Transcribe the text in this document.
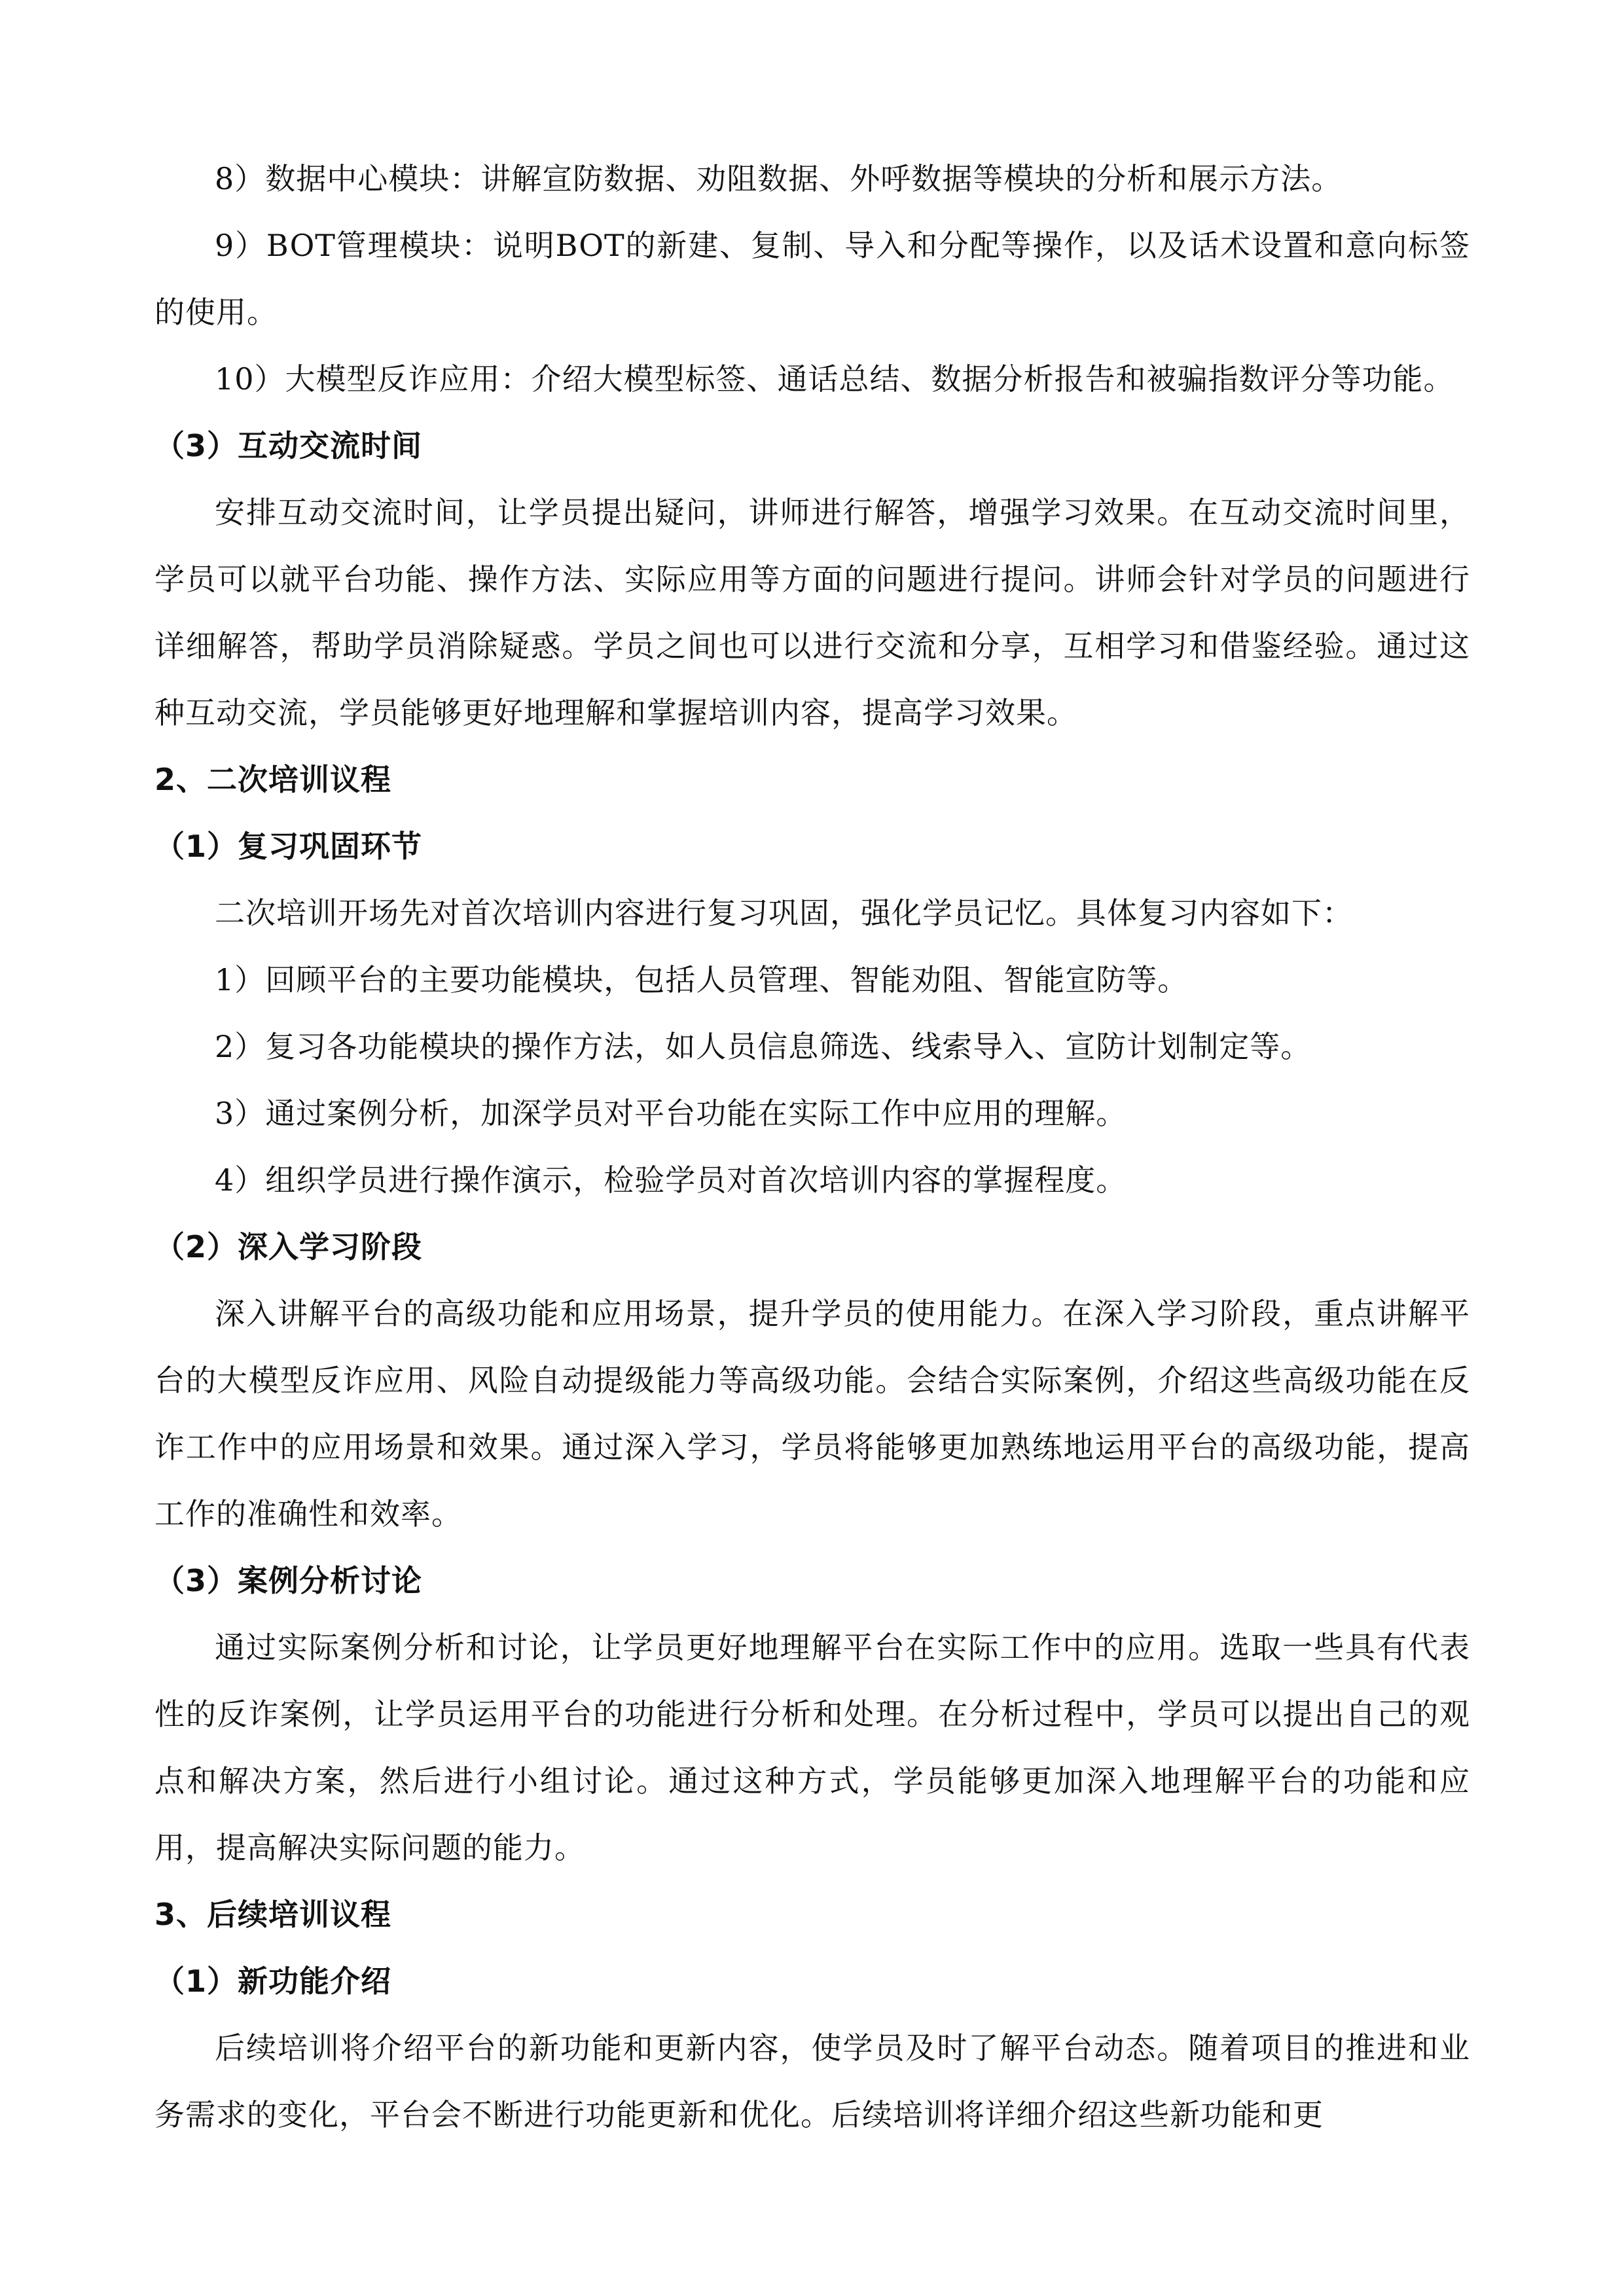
8）数据中心模块：讲解宣防数据、劝阻数据、外呼数据等模块的分析和展示方法。

9）BOT管理模块：说明BOT的新建、复制、导入和分配等操作，以及话术设置和意向标签的使用。

10）大模型反诈应用：介绍大模型标签、通话总结、数据分析报告和被骗指数评分等功能。

（3）互动交流时间

安排互动交流时间，让学员提出疑问，讲师进行解答，增强学习效果。在互动交流时间里，学员可以就平台功能、操作方法、实际应用等方面的问题进行提问。讲师会针对学员的问题进行详细解答，帮助学员消除疑惑。学员之间也可以进行交流和分享，互相学习和借鉴经验。通过这种互动交流，学员能够更好地理解和掌握培训内容，提高学习效果。

2、二次培训议程
（1）复习巩固环节

二次培训开场先对首次培训内容进行复习巩固，强化学员记忆。具体复习内容如下：

1）回顾平台的主要功能模块，包括人员管理、智能劝阻、智能宣防等。

2）复习各功能模块的操作方法，如人员信息筛选、线索导入、宣防计划制定等。

3）通过案例分析，加深学员对平台功能在实际工作中应用的理解。

4）组织学员进行操作演示，检验学员对首次培训内容的掌握程度。

（2）深入学习阶段

深入讲解平台的高级功能和应用场景，提升学员的使用能力。在深入学习阶段，重点讲解平台的大模型反诈应用、风险自动提级能力等高级功能。会结合实际案例，介绍这些高级功能在反诈工作中的应用场景和效果。通过深入学习，学员将能够更加熟练地运用平台的高级功能，提高工作的准确性和效率。

（3）案例分析讨论

通过实际案例分析和讨论，让学员更好地理解平台在实际工作中的应用。选取一些具有代表性的反诈案例，让学员运用平台的功能进行分析和处理。在分析过程中，学员可以提出自己的观点和解决方案，然后进行小组讨论。通过这种方式，学员能够更加深入地理解平台的功能和应用，提高解决实际问题的能力。

3、后续培训议程
（1）新功能介绍

后续培训将介绍平台的新功能和更新内容，使学员及时了解平台动态。随着项目的推进和业务需求的变化，平台会不断进行功能更新和优化。后续培训将详细介绍这些新功能和更
